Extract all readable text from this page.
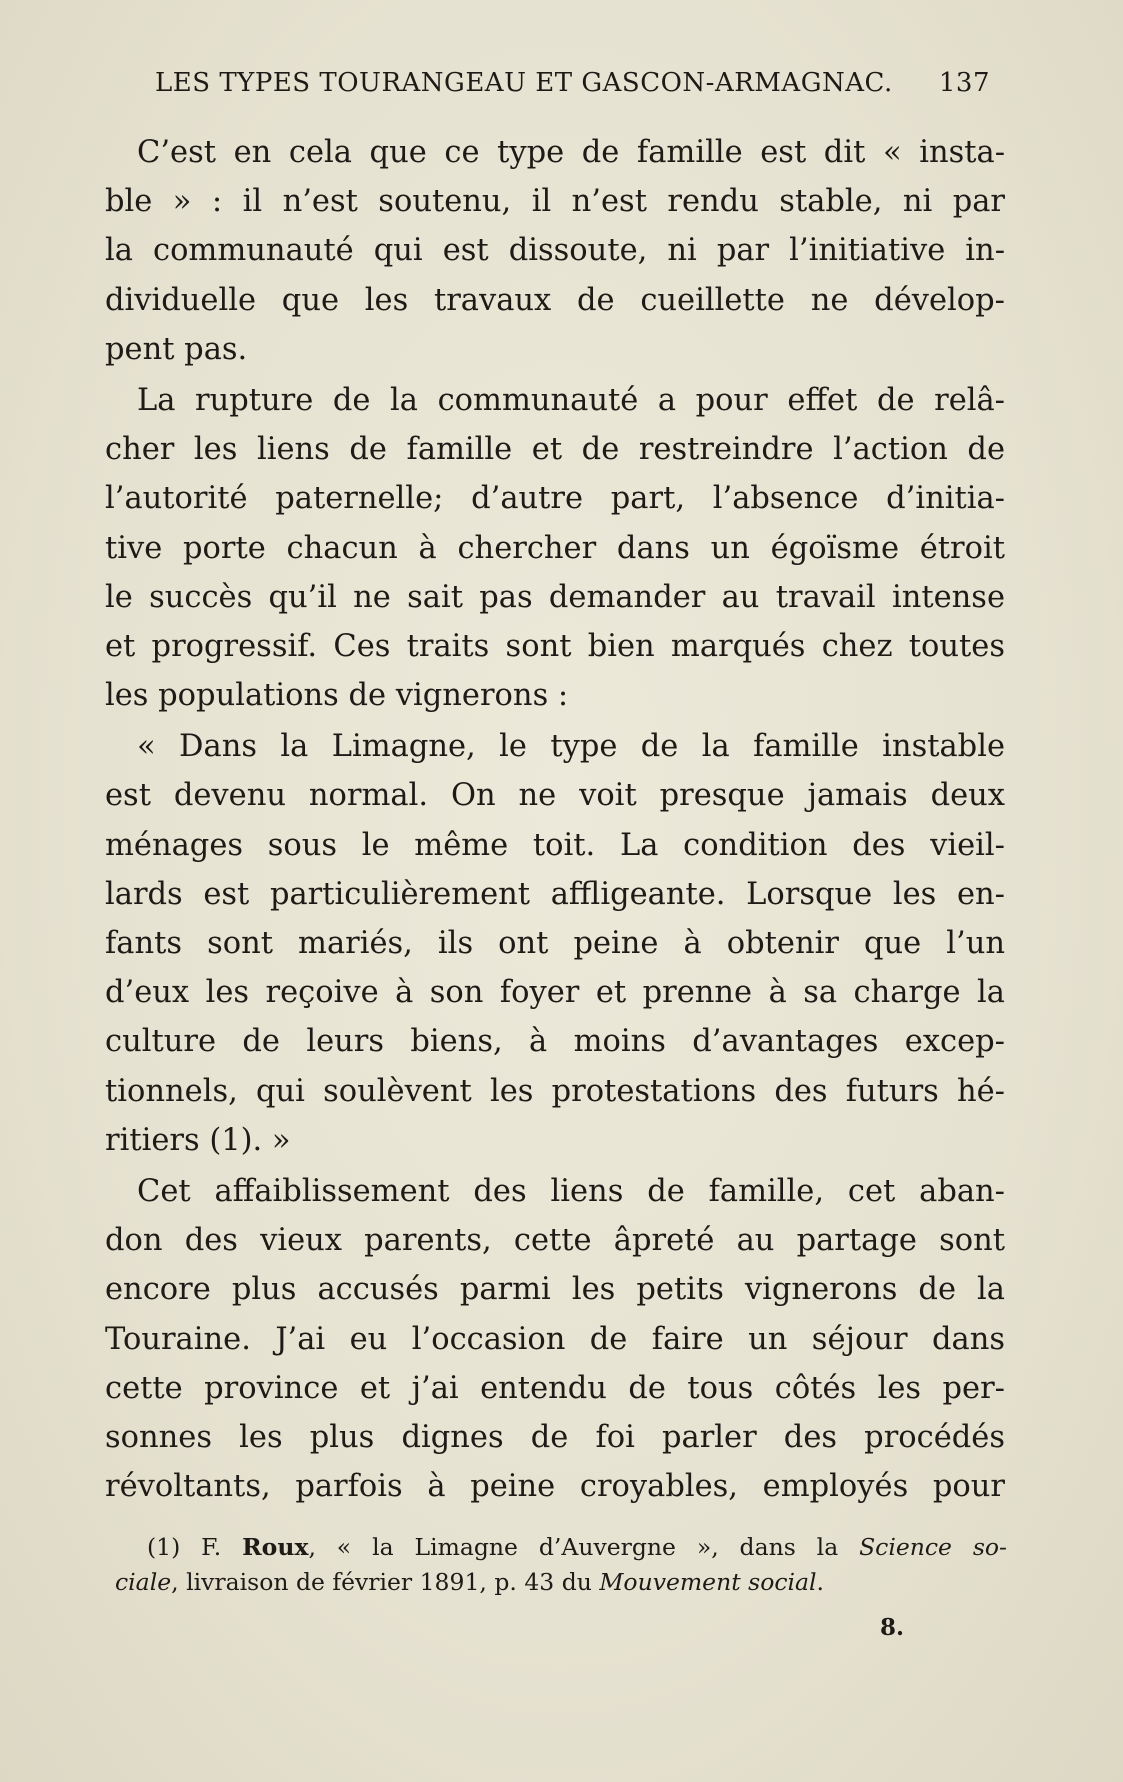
LES TYPES TOURANGEAU ET GASCON-ARMAGNAC. 137
C’est en cela que ce type de famille est dit « insta-
ble » : il n’est soutenu, il n’est rendu stable, ni par
la communauté qui est dissoute, ni par l’initiative in-
dividuelle que les travaux de cueillette ne dévelop-
pent pas.
La rupture de la communauté a pour effet de relâ-
cher les liens de famille et de restreindre l’action de
l’autorité paternelle; d’autre part, l’absence d’initia-
tive porte chacun à chercher dans un égoïsme étroit
le succès qu’il ne sait pas demander au travail intense
et progressif. Ces traits sont bien marqués chez toutes
les populations de vignerons :
« Dans la Limagne, le type de la famille instable
est devenu normal. On ne voit presque jamais deux
ménages sous le même toit. La condition des vieil-
lards est particulièrement affligeante. Lorsque les en-
fants sont mariés, ils ont peine à obtenir que l’un
d’eux les reçoive à son foyer et prenne à sa charge la
culture de leurs biens, à moins d’avantages excep-
tionnels, qui soulèvent les protestations des futurs hé-
ritiers (1). »
Cet affaiblissement des liens de famille, cet aban-
don des vieux parents, cette âpreté au partage sont
encore plus accusés parmi les petits vignerons de la
Touraine. J’ai eu l’occasion de faire un séjour dans
cette province et j’ai entendu de tous côtés les per-
sonnes les plus dignes de foi parler des procédés
révoltants, parfois à peine croyables, employés pour
(1) F. Roux, « la Limagne d’Auvergne », dans la Science so-
ciale, livraison de février 1891, p. 43 du Mouvement social.
8.
